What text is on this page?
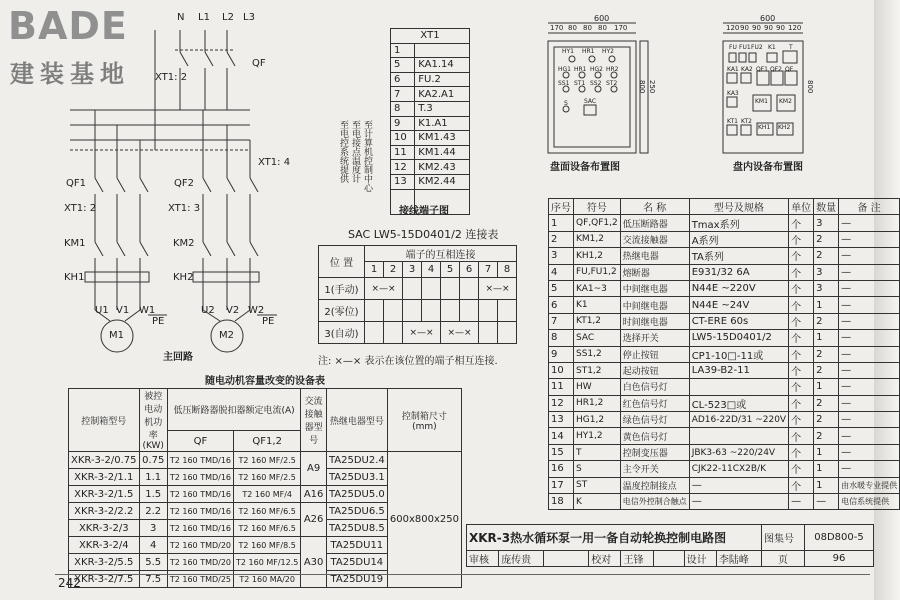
BADE
建装基地
N L1 L2 L3
QF
XT1: 2
XT1: 4
QF1	QF2
XT1: 2	XT1: 3
KM1	KM2
KH1	KH2
U1 V1 W1
PE
U2 V2 W2
PE
M1	M2
主回路
XT1	
1	
5	KA1.14
6	FU.2
7	KA2.A1
8	T.3
9	K1.A1
10	KM1.43
11	KM1.44
12	KM2.43
13	KM2.44

至电控系统提供 至电接点温度计 至计算机控制中心
接线端子图
SAC LW5-15D0401/2 连接表
位 置	端子的互相连接							
	1	2	3	4	5	6	7	8
1(手动)	×—×						×—×	
2(零位)								
3(自动)			×—×		×—×			
注: ×—× 表示在该位置的端子相互连接.
随电动机容量改变的设备表
控制箱型号	被控电动机功率(KW)	低压断路器脱扣器额定电流(A)		交流接触器型号	热继电器型号	控制箱尺寸(mm)
		QF	QF1,2			
XKR-3-2/0.75	0.75	T2 160 TMD/16	T2 160 MF/2.5	A9	TA25DU2.4	600x800x250
XKR-3-2/1.1	1.1	T2 160 TMD/16	T2 160 MF/2.5		TA25DU3.1	
XKR-3-2/1.5	1.5	T2 160 TMD/16	T2 160 MF/4	A16	TA25DU5.0	
XKR-3-2/2.2	2.2	T2 160 TMD/16	T2 160 MF/6.5	A26	TA25DU6.5	
XKR-3-2/3	3	T2 160 TMD/16	T2 160 MF/6.5		TA25DU8.5	
XKR-3-2/4	4	T2 160 TMD/20	T2 160 MF/8.5	A30	TA25DU11	
XKR-3-2/5.5	5.5	T2 160 TMD/20	T2 160 MF/12.5		TA25DU14	
XKR-3-2/7.5	7.5	T2 160 TMD/25	T2 160 MA/20		TA25DU19	
600
170 80 80 80 170
HY1 HR1 HY2
HG1 HR1 HG2 HR2
SS1 ST1 SS2 ST2
S	SAC
800 250
盘面设备布置图
600
120 90 90 90 90 120
FU FU1 FU2 K1 T
KA1 KA2 QF1 QF2 QF
KA3
KM1 KM2
KT1 KT2
KH1 KH2
800
盘内设备布置图
序号	符号	名 称	型号及规格	单位	数量	备 注
1	QF,QF1,2	低压断路器	Tmax系列	个	3	—
2	KM1,2	交流接触器	A系列	个	2	—
3	KH1,2	热继电器	TA系列	个	2	—
4	FU,FU1,2	熔断器	E931/32 6A	个	3	—
5	KA1~3	中间继电器	N44E ~220V	个	3	—
6	K1	中间继电器	N44E ~24V	个	1	—
7	KT1,2	时间继电器	CT-ERE 60s	个	2	—
8	SAC	选择开关	LW5-15D0401/2	个	1	—
9	SS1,2	停止按钮	CP1-10□-11或	个	2	—
10	ST1,2	起动按钮	LA39-B2-11	个	2	—
11	HW	白色信号灯		个	1	—
12	HR1,2	红色信号灯	CL-523□或	个	2	—
13	HG1,2	绿色信号灯	AD16-22D/31 ~220V	个	2	—
14	HY1,2	黄色信号灯		个	2	—
15	T	控制变压器	JBK3-63 ~220/24V	个	1	—
16	S	主令开关	CJK22-11CX2B/K	个	1	—
17	ST	温度控制接点	—	个	1	由水暖专业提供
18	K	电信外控制合触点	—	—	—	电信系统提供
XKR-3热水循环泵一用一备自动轮换控制电路图								图集号	08D800-5
审核	庞传贵		校对	王锋		设计	李陆峰	页	96
242
